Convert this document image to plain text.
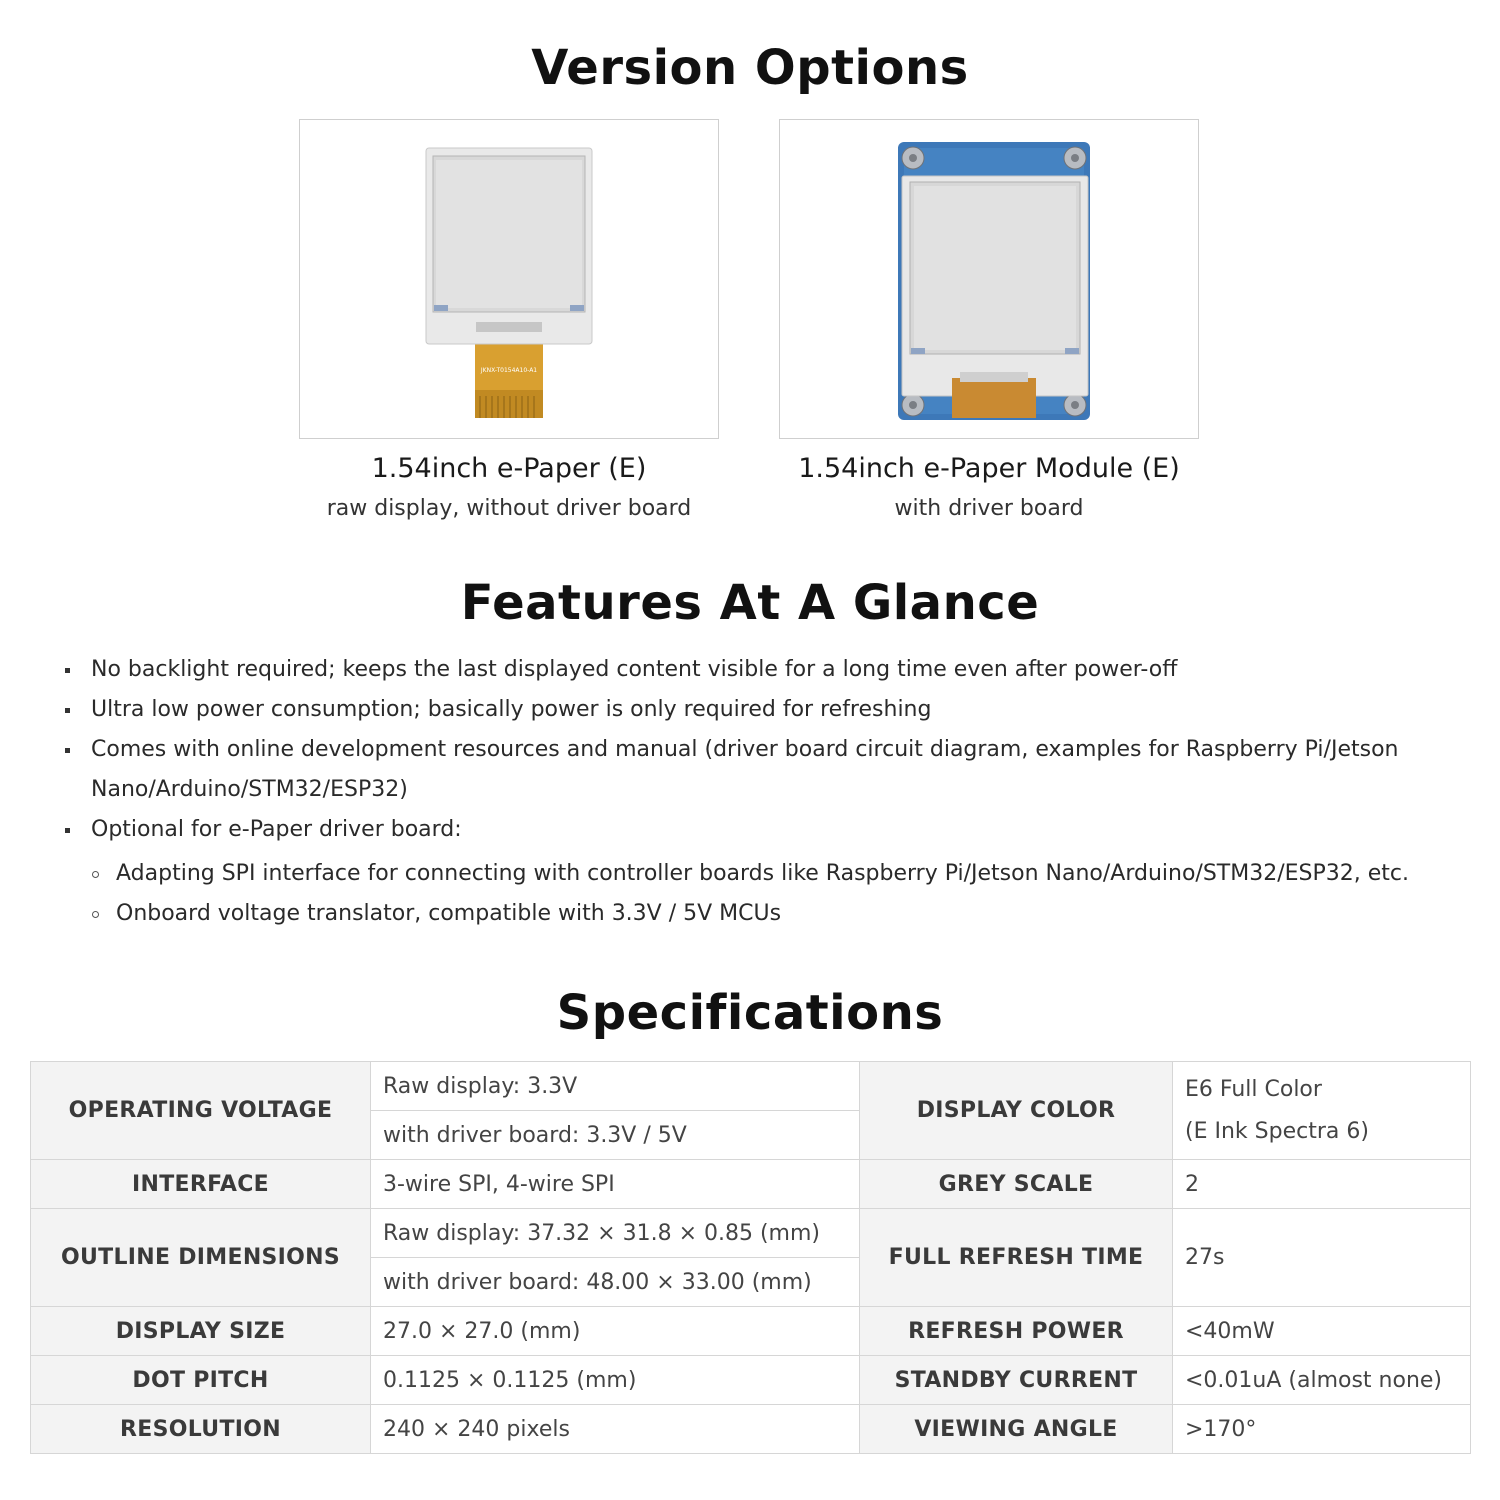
Version Options
JKNX-T0154A10-A1
1.54inch e-Paper (E)
raw display, without driver board
1.54inch e-Paper Module (E)
with driver board
Features At A Glance
No backlight required; keeps the last displayed content visible for a long time even after power-off
Ultra low power consumption; basically power is only required for refreshing
Comes with online development resources and manual (driver board circuit diagram, examples for Raspberry Pi/Jetson Nano/Arduino/STM32/ESP32)
Optional for e-Paper driver board:
Adapting SPI interface for connecting with controller boards like Raspberry Pi/Jetson Nano/Arduino/STM32/ESP32, etc.
Onboard voltage translator, compatible with 3.3V / 5V MCUs
Specifications
OPERATING VOLTAGE	Raw display: 3.3V	DISPLAY COLOR	E6 Full Color
(E Ink Spectra 6)

	with driver board: 3.3V / 5V		
INTERFACE	3-wire SPI, 4-wire SPI	GREY SCALE	2
OUTLINE DIMENSIONS	Raw display: 37.32 × 31.8 × 0.85 (mm)	FULL REFRESH TIME	27s
	with driver board: 48.00 × 33.00 (mm)		
DISPLAY SIZE	27.0 × 27.0 (mm)	REFRESH POWER	<40mW
DOT PITCH	0.1125 × 0.1125 (mm)	STANDBY CURRENT	<0.01uA (almost none)
RESOLUTION	240 × 240 pixels	VIEWING ANGLE	>170°
